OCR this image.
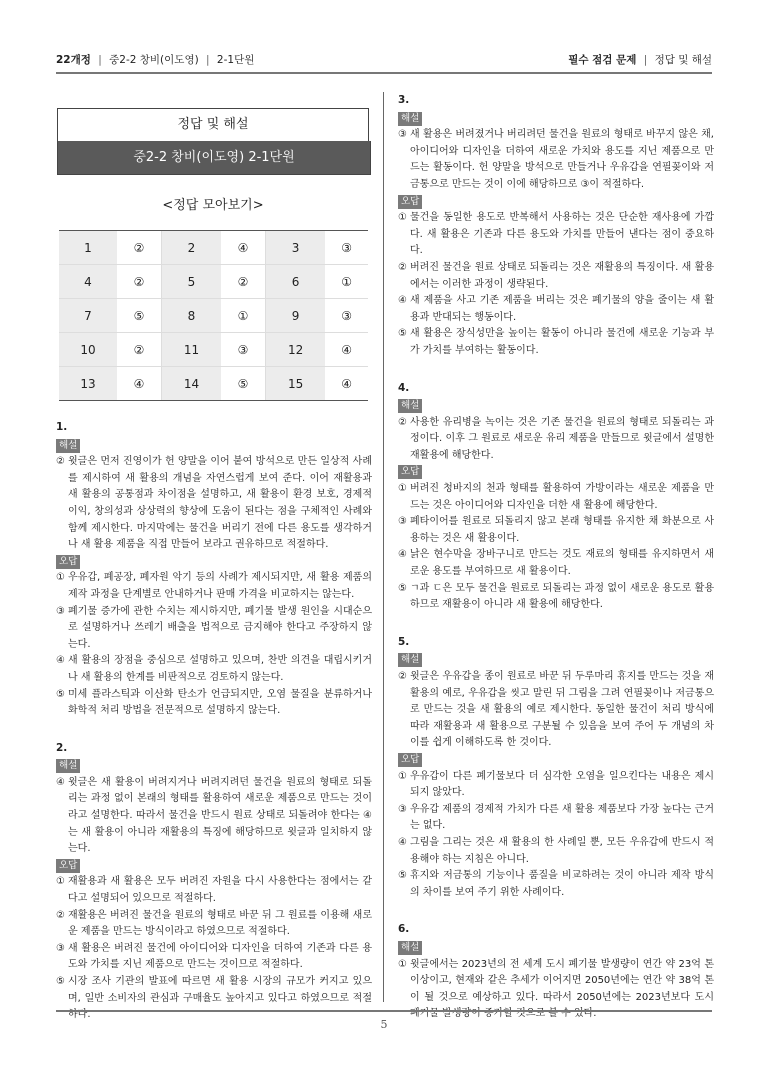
22개정 | 중2-2 창비(이도영) | 2-1단원	필수 점검 문제 | 정답 및 해설
정답 및 해설
중2-2 창비(이도영) 2-1단원
<정답 모아보기>
1	②	2	④	3	③
4	②	5	②	6	①
7	⑤	8	①	9	③
10	②	11	③	12	④
13	④	14	⑤	15	④
1.
해설
② 윗글은 먼저 진영이가 헌 양말을 이어 붙여 방석으로 만든 일상적 사례를 제시하여 새 활용의 개념을 자연스럽게 보여 준다. 이어 재활용과 새 활용의 공통점과 차이점을 설명하고, 새 활용이 환경 보호, 경제적 이익, 창의성과 상상력의 향상에 도움이 된다는 점을 구체적인 사례와 함께 제시한다. 마지막에는 물건을 버리기 전에 다른 용도를 생각하거나 새 활용 제품을 직접 만들어 보라고 권유하므로 적절하다.
오답
① 우유갑, 폐공장, 폐자원 악기 등의 사례가 제시되지만, 새 활용 제품의 제작 과정을 단계별로 안내하거나 판매 가격을 비교하지는 않는다.
③ 폐기물 증가에 관한 수치는 제시하지만, 폐기물 발생 원인을 시대순으로 설명하거나 쓰레기 배출을 법적으로 금지해야 한다고 주장하지 않는다.
④ 새 활용의 장점을 중심으로 설명하고 있으며, 찬반 의견을 대립시키거나 새 활용의 한계를 비판적으로 검토하지 않는다.
⑤ 미세 플라스틱과 이산화 탄소가 언급되지만, 오염 물질을 분류하거나 화학적 처리 방법을 전문적으로 설명하지 않는다.
2.
해설
④ 윗글은 새 활용이 버려지거나 버려지려던 물건을 원료의 형태로 되돌리는 과정 없이 본래의 형태를 활용하여 새로운 제품으로 만드는 것이라고 설명한다. 따라서 물건을 반드시 원료 상태로 되돌려야 한다는 ④는 새 활용이 아니라 재활용의 특징에 해당하므로 윗글과 일치하지 않는다.
오답
① 재활용과 새 활용은 모두 버려진 자원을 다시 사용한다는 점에서는 같다고 설명되어 있으므로 적절하다.
② 재활용은 버려진 물건을 원료의 형태로 바꾼 뒤 그 원료를 이용해 새로운 제품을 만드는 방식이라고 하였으므로 적절하다.
③ 새 활용은 버려진 물건에 아이디어와 디자인을 더하여 기존과 다른 용도와 가치를 지닌 제품으로 만드는 것이므로 적절하다.
⑤ 시장 조사 기관의 발표에 따르면 새 활용 시장의 규모가 커지고 있으며, 일반 소비자의 관심과 구매율도 높아지고 있다고 하였으므로 적절하다.
3.
해설
③ 새 활용은 버려졌거나 버리려던 물건을 원료의 형태로 바꾸지 않은 채, 아이디어와 디자인을 더하여 새로운 가치와 용도를 지닌 제품으로 만드는 활동이다. 헌 양말을 방석으로 만들거나 우유갑을 연필꽂이와 저금통으로 만드는 것이 이에 해당하므로 ③이 적절하다.
오답
① 물건을 동일한 용도로 반복해서 사용하는 것은 단순한 재사용에 가깝다. 새 활용은 기존과 다른 용도와 가치를 만들어 낸다는 점이 중요하다.
② 버려진 물건을 원료 상태로 되돌리는 것은 재활용의 특징이다. 새 활용에서는 이러한 과정이 생략된다.
④ 새 제품을 사고 기존 제품을 버리는 것은 폐기물의 양을 줄이는 새 활용과 반대되는 행동이다.
⑤ 새 활용은 장식성만을 높이는 활동이 아니라 물건에 새로운 기능과 부가 가치를 부여하는 활동이다.
4.
해설
② 사용한 유리병을 녹이는 것은 기존 물건을 원료의 형태로 되돌리는 과정이다. 이후 그 원료로 새로운 유리 제품을 만들므로 윗글에서 설명한 재활용에 해당한다.
오답
① 버려진 청바지의 천과 형태를 활용하여 가방이라는 새로운 제품을 만드는 것은 아이디어와 디자인을 더한 새 활용에 해당한다.
③ 폐타이어를 원료로 되돌리지 않고 본래 형태를 유지한 채 화분으로 사용하는 것은 새 활용이다.
④ 낡은 현수막을 장바구니로 만드는 것도 재료의 형태를 유지하면서 새로운 용도를 부여하므로 새 활용이다.
⑤ ㄱ과 ㄷ은 모두 물건을 원료로 되돌리는 과정 없이 새로운 용도로 활용하므로 재활용이 아니라 새 활용에 해당한다.
5.
해설
② 윗글은 우유갑을 종이 원료로 바꾼 뒤 두루마리 휴지를 만드는 것을 재활용의 예로, 우유갑을 씻고 말린 뒤 그림을 그려 연필꽂이나 저금통으로 만드는 것을 새 활용의 예로 제시한다. 동일한 물건이 처리 방식에 따라 재활용과 새 활용으로 구분될 수 있음을 보여 주어 두 개념의 차이를 쉽게 이해하도록 한 것이다.
오답
① 우유갑이 다른 폐기물보다 더 심각한 오염을 일으킨다는 내용은 제시되지 않았다.
③ 우유갑 제품의 경제적 가치가 다른 새 활용 제품보다 가장 높다는 근거는 없다.
④ 그림을 그리는 것은 새 활용의 한 사례일 뿐, 모든 우유갑에 반드시 적용해야 하는 지침은 아니다.
⑤ 휴지와 저금통의 기능이나 품질을 비교하려는 것이 아니라 제작 방식의 차이를 보여 주기 위한 사례이다.
6.
해설
① 윗글에서는 2023년의 전 세계 도시 폐기물 발생량이 연간 약 23억 톤 이상이고, 현재와 같은 추세가 이어지면 2050년에는 연간 약 38억 톤이 될 것으로 예상하고 있다. 따라서 2050년에는 2023년보다 도시 폐기물 발생량이 증가할 것으로 볼 수 있다.
5
